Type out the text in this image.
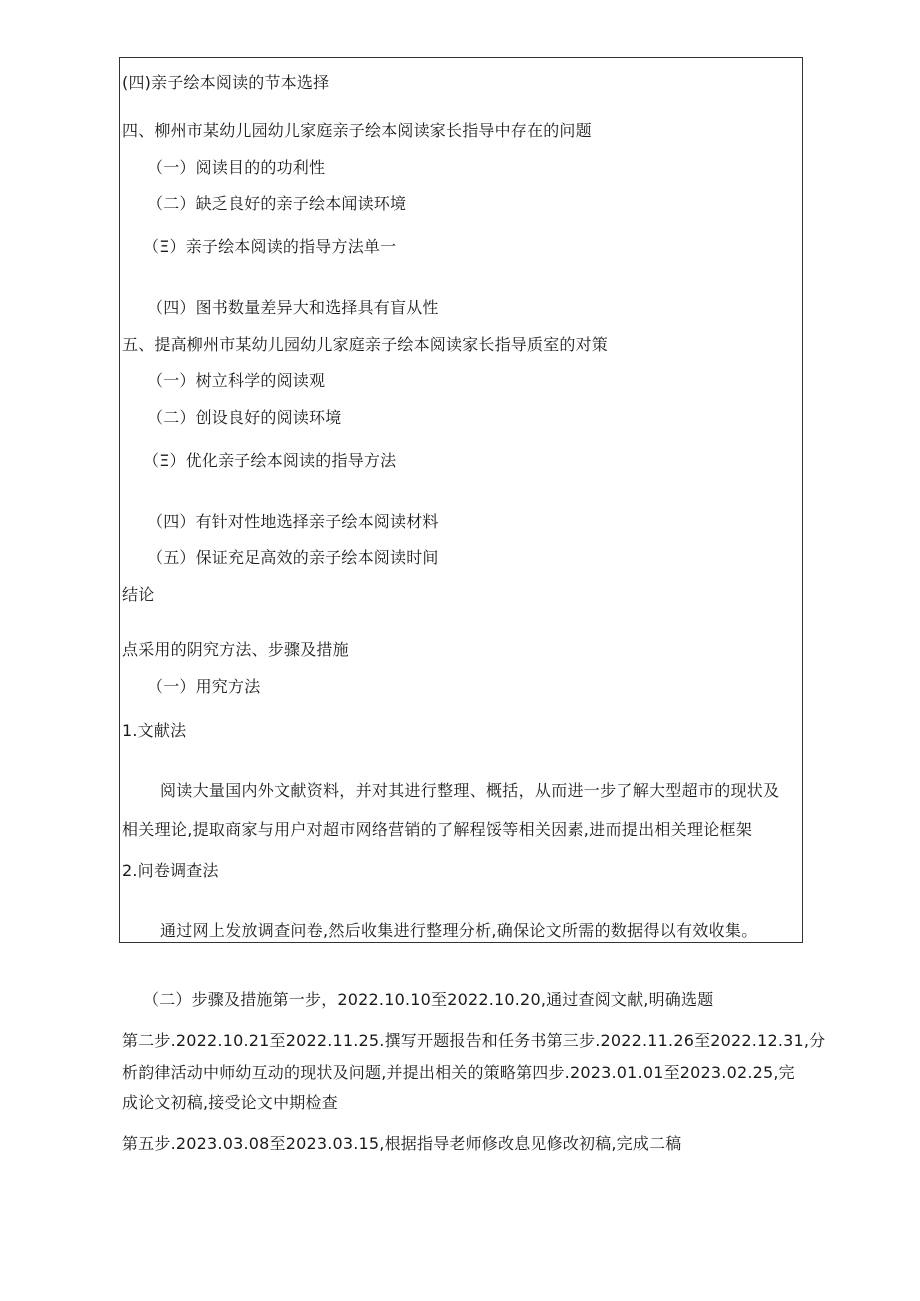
(四)亲子绘本阅读的节本选择
四、柳州市某幼儿园幼儿家庭亲子绘本阅读家长指导中存在的问题
（一）阅读目的的功利性
（二）缺乏良好的亲子绘本闻读环境
（Ξ）亲子绘本阅读的指导方法单一
（四）图书数量差异大和选择具有盲从性
五、提高柳州市某幼儿园幼儿家庭亲子绘本阅读家长指导质室的对策
（一）树立科学的阅读观
（二）创设良好的阅读环境
（Ξ）优化亲子绘本阅读的指导方法
（四）有针对性地选择亲子绘本阅读材料
（五）保证充足高效的亲子绘本阅读时间
结论
点采用的阴究方法、步骤及措施
（一）用究方法
1.文献法
阅读大量国内外文献资料，并对其进行整理、概括，从而进一步了解大型超市的现状及
相关理论,提取商家与用户对超市网络营销的了解程馁等相关因素,进而提出相关理论框架
2.问卷调查法
通过网上发放调查问卷,然后收集进行整理分析,确保论文所需的数据得以有效收集。
（二）步骤及措施第一步，2022.10.10至2022.10.20,通过查阅文献,明确选题
第二步.2022.10.21至2022.11.25.撰写开题报告和任务书第三步.2022.11.26至2022.12.31,分
析韵律活动中师幼互动的现状及问题,并提出相关的策略第四步.2023.01.01至2023.02.25,完
成论文初稿,接受论文中期检查
第五步.2023.03.08至2023.03.15,根据指导老师修改息见修改初稿,完成二稿
